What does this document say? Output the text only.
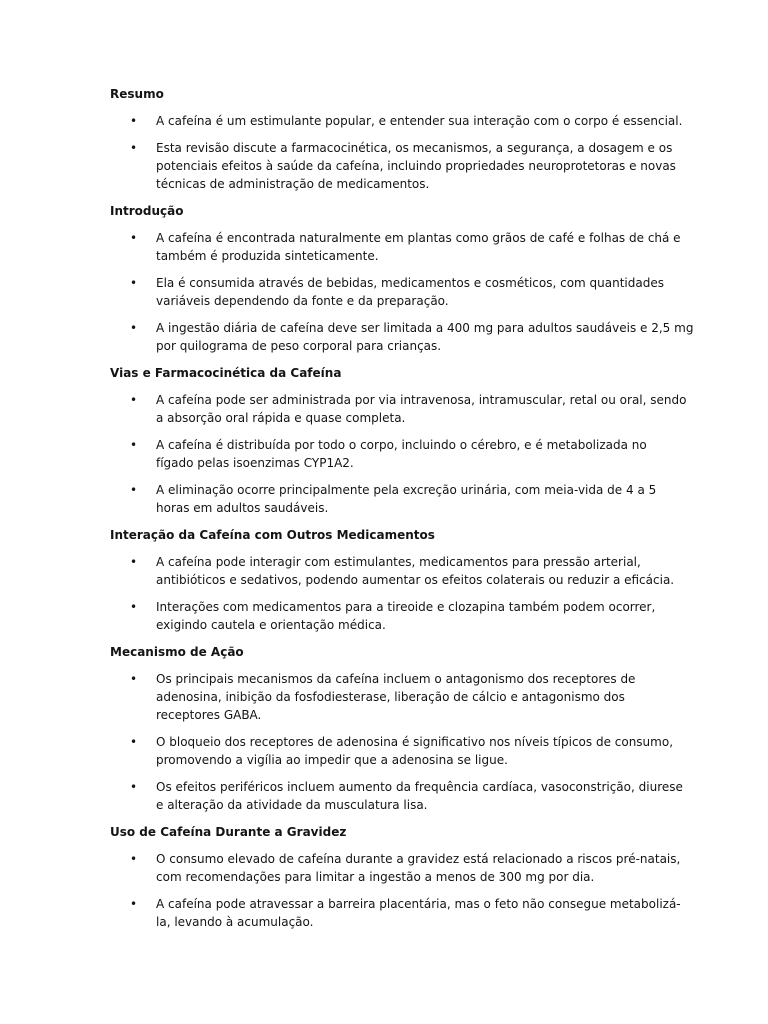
Resumo
• A cafeína é um estimulante popular, e entender sua interação com o corpo é essencial.
• Esta revisão discute a farmacocinética, os mecanismos, a segurança, a dosagem e os
potenciais efeitos à saúde da cafeína, incluindo propriedades neuroprotetoras e novas
técnicas de administração de medicamentos.
Introdução
• A cafeína é encontrada naturalmente em plantas como grãos de café e folhas de chá e
também é produzida sinteticamente.
• Ela é consumida através de bebidas, medicamentos e cosméticos, com quantidades
variáveis dependendo da fonte e da preparação.
• A ingestão diária de cafeína deve ser limitada a 400 mg para adultos saudáveis e 2,5 mg
por quilograma de peso corporal para crianças.
Vias e Farmacocinética da Cafeína
• A cafeína pode ser administrada por via intravenosa, intramuscular, retal ou oral, sendo
a absorção oral rápida e quase completa.
• A cafeína é distribuída por todo o corpo, incluindo o cérebro, e é metabolizada no
fígado pelas isoenzimas CYP1A2.
• A eliminação ocorre principalmente pela excreção urinária, com meia-vida de 4 a 5
horas em adultos saudáveis.
Interação da Cafeína com Outros Medicamentos
• A cafeína pode interagir com estimulantes, medicamentos para pressão arterial,
antibióticos e sedativos, podendo aumentar os efeitos colaterais ou reduzir a eficácia.
• Interações com medicamentos para a tireoide e clozapina também podem ocorrer,
exigindo cautela e orientação médica.
Mecanismo de Ação
• Os principais mecanismos da cafeína incluem o antagonismo dos receptores de
adenosina, inibição da fosfodiesterase, liberação de cálcio e antagonismo dos
receptores GABA.
• O bloqueio dos receptores de adenosina é significativo nos níveis típicos de consumo,
promovendo a vigília ao impedir que a adenosina se ligue.
• Os efeitos periféricos incluem aumento da frequência cardíaca, vasoconstrição, diurese
e alteração da atividade da musculatura lisa.
Uso de Cafeína Durante a Gravidez
• O consumo elevado de cafeína durante a gravidez está relacionado a riscos pré-natais,
com recomendações para limitar a ingestão a menos de 300 mg por dia.
• A cafeína pode atravessar a barreira placentária, mas o feto não consegue metabolizá-
la, levando à acumulação.
